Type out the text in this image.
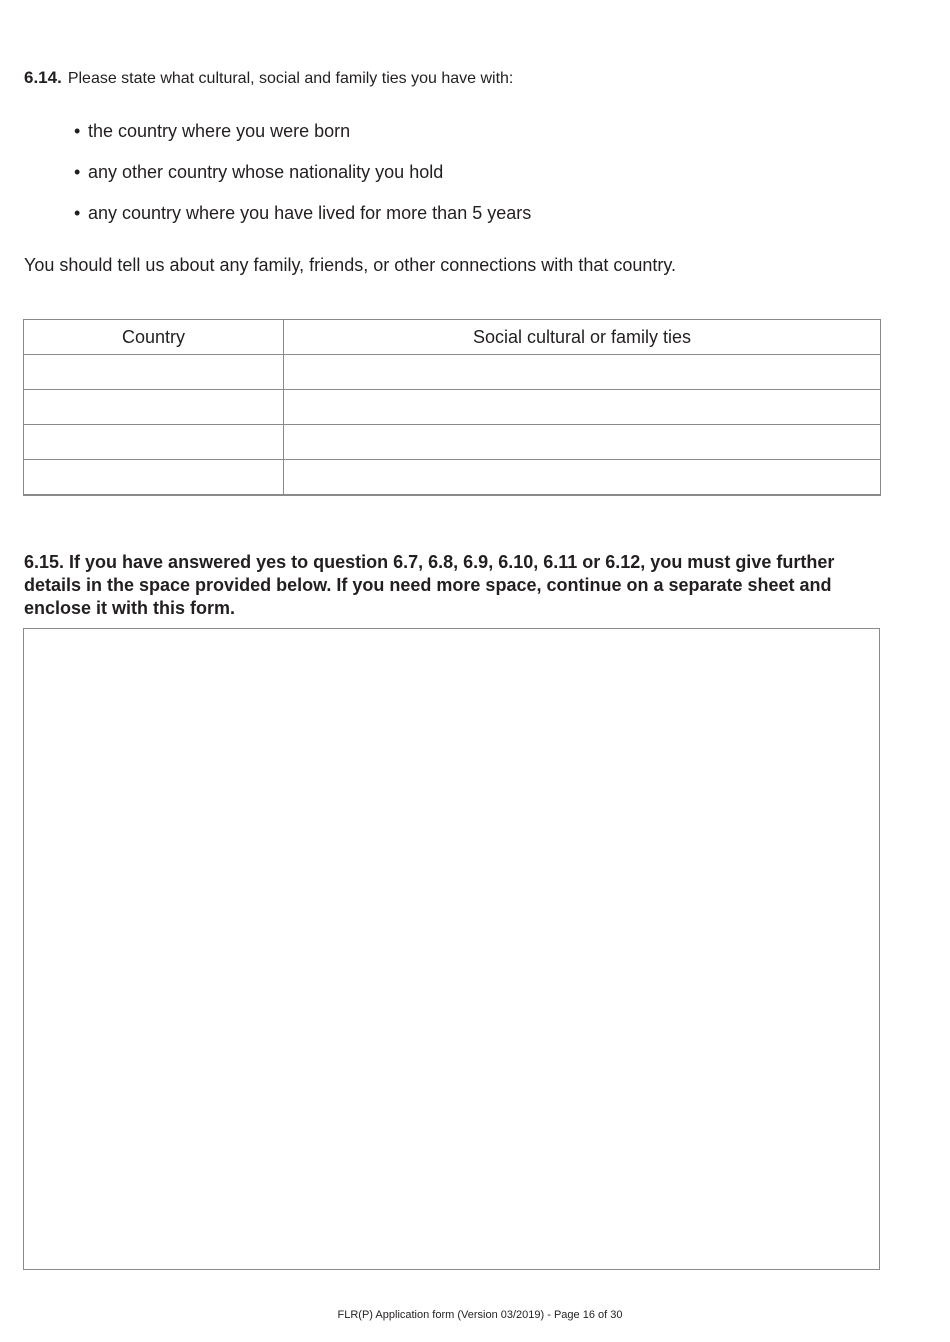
6.14. Please state what cultural, social and family ties you have with:
• the country where you were born
• any other country whose nationality you hold
• any country where you have lived for more than 5 years
You should tell us about any family, friends, or other connections with that country.
Country	Social cultural or family ties

6.15. If you have answered yes to question 6.7, 6.8, 6.9, 6.10, 6.11 or 6.12, you must give further details in the space provided below. If you need more space, continue on a separate sheet and enclose it with this form.
FLR(P) Application form (Version 03/2019) - Page 16 of 30
